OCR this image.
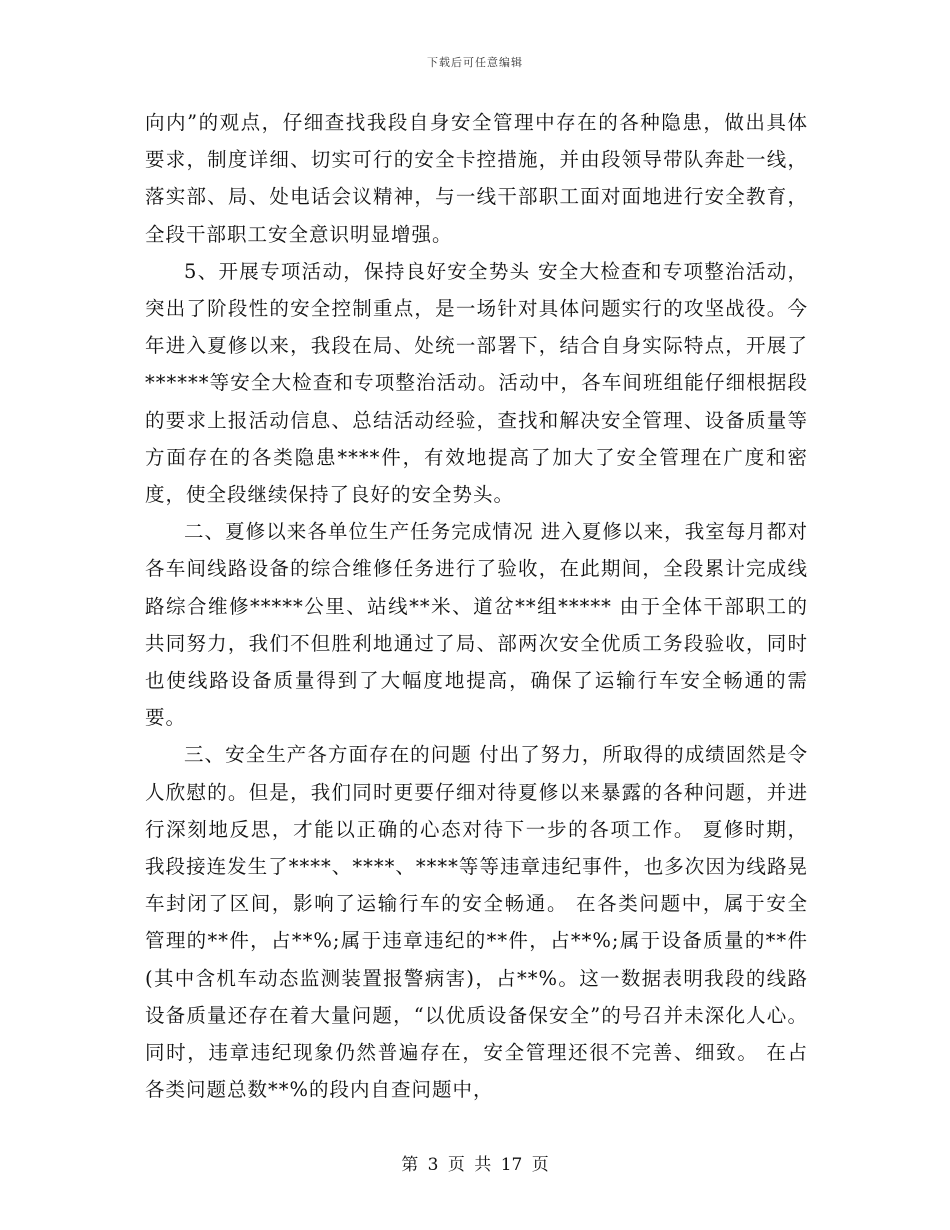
下载后可任意编辑

向内”的观点，仔细查找我段自身安全管理中存在的各种隐患，做出具体要求，制度详细、切实可行的安全卡控措施，并由段领导带队奔赴一线，落实部、局、处电话会议精神，与一线干部职工面对面地进行安全教育，全段干部职工安全意识明显增强。

5、开展专项活动，保持良好安全势头 安全大检查和专项整治活动，突出了阶段性的安全控制重点，是一场针对具体问题实行的攻坚战役。今年进入夏修以来，我段在局、处统一部署下，结合自身实际特点，开展了******等安全大检查和专项整治活动。活动中，各车间班组能仔细根据段的要求上报活动信息、总结活动经验，查找和解决安全管理、设备质量等方面存在的各类隐患****件，有效地提高了加大了安全管理在广度和密度，使全段继续保持了良好的安全势头。

二、夏修以来各单位生产任务完成情况 进入夏修以来，我室每月都对各车间线路设备的综合维修任务进行了验收，在此期间，全段累计完成线路综合维修*****公里、站线**米、道岔**组***** 由于全体干部职工的共同努力，我们不但胜利地通过了局、部两次安全优质工务段验收，同时也使线路设备质量得到了大幅度地提高，确保了运输行车安全畅通的需要。

三、安全生产各方面存在的问题 付出了努力，所取得的成绩固然是令人欣慰的。但是，我们同时更要仔细对待夏修以来暴露的各种问题，并进行深刻地反思，才能以正确的心态对待下一步的各项工作。 夏修时期，我段接连发生了****、****、****等等违章违纪事件，也多次因为线路晃车封闭了区间，影响了运输行车的安全畅通。 在各类问题中，属于安全管理的**件，占**%;属于违章违纪的**件，占**%;属于设备质量的**件(其中含机车动态监测装置报警病害)，占**%。这一数据表明我段的线路设备质量还存在着大量问题，“以优质设备保安全”的号召并未深化人心。同时，违章违纪现象仍然普遍存在，安全管理还很不完善、细致。 在占各类问题总数**%的段内自查问题中，

第 3 页 共 17 页
